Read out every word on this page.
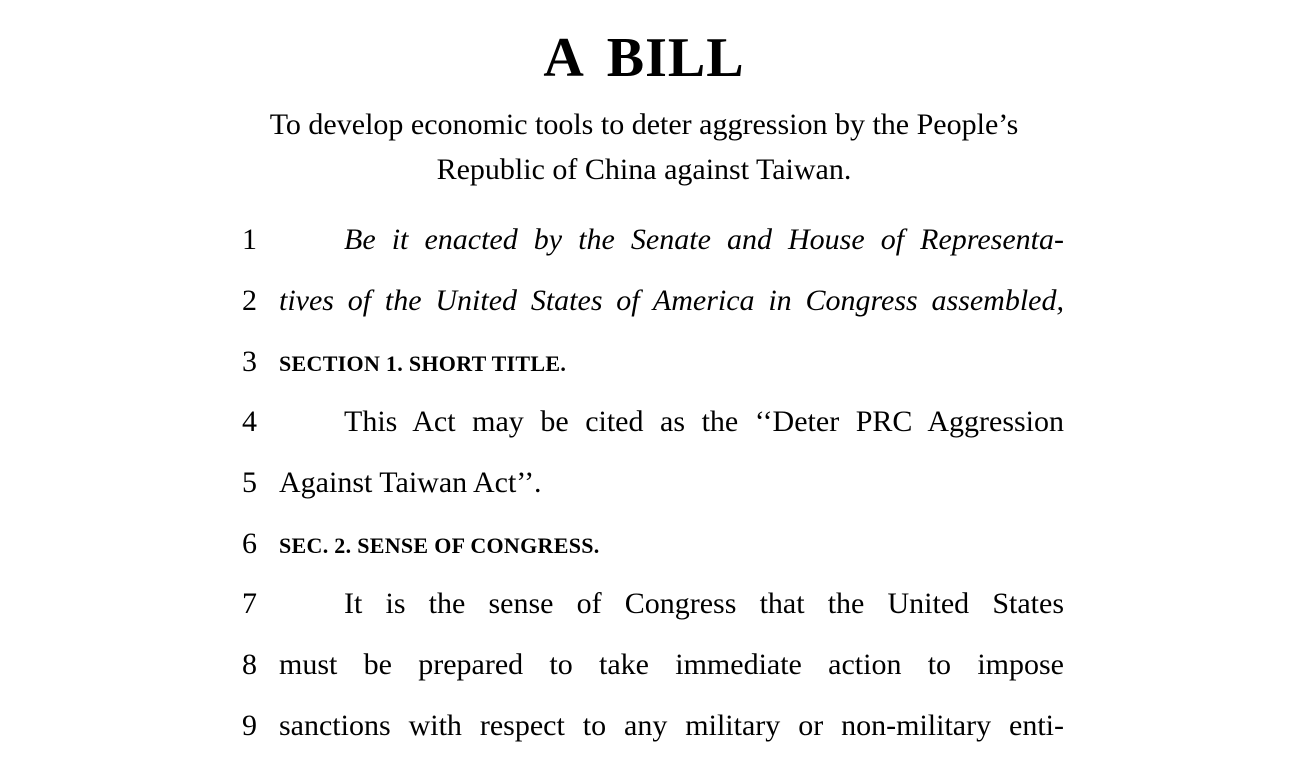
A BILL
To develop economic tools to deter aggression by the People’s Republic of China against Taiwan.
1	Be it enacted by the Senate and House of Representa-
2 tives of the United States of America in Congress assembled,
3 SECTION 1. SHORT TITLE.
4	This Act may be cited as the ‘‘Deter PRC Aggression
5 Against Taiwan Act’’.
6 SEC. 2. SENSE OF CONGRESS.
7	It is the sense of Congress that the United States
8 must be prepared to take immediate action to impose
9 sanctions with respect to any military or non-military enti-
